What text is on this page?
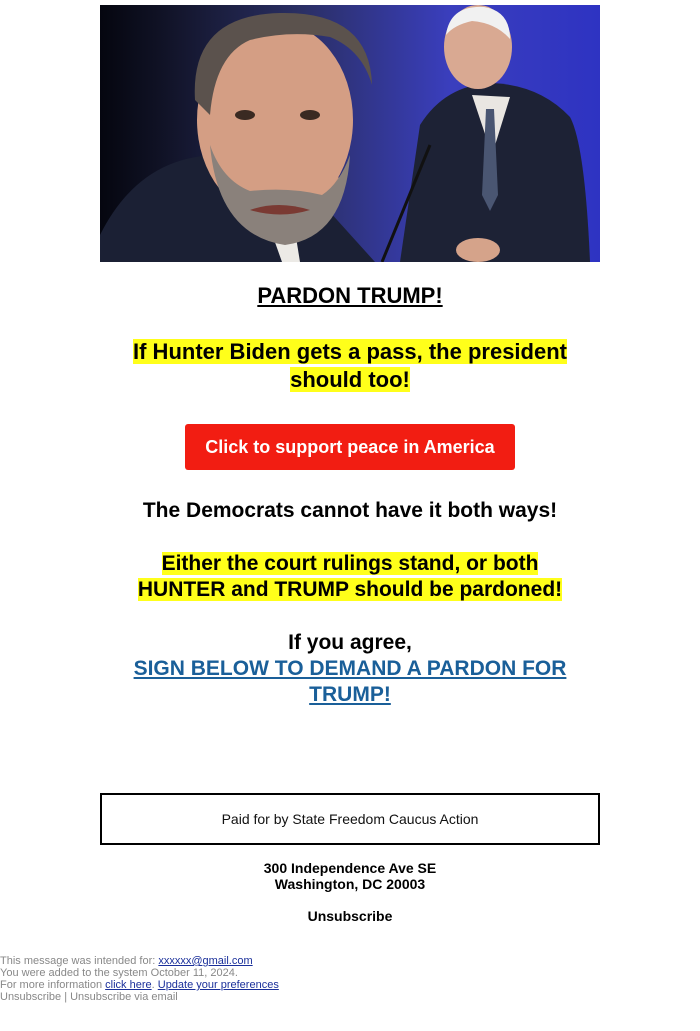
PARDON TRUMP!
If Hunter Biden gets a pass, the president
should too!
Click to support peace in America
The Democrats cannot have it both ways!
Either the court rulings stand, or both
HUNTER and TRUMP should be pardoned!
If you agree,
SIGN BELOW TO DEMAND A PARDON FOR
TRUMP!
Paid for by State Freedom Caucus Action
300 Independence Ave SE
Washington, DC 20003
Unsubscribe
This message was intended for: xxxxxx@gmail.com
You were added to the system October 11, 2024.
For more information click here. Update your preferences
Unsubscribe | Unsubscribe via email
